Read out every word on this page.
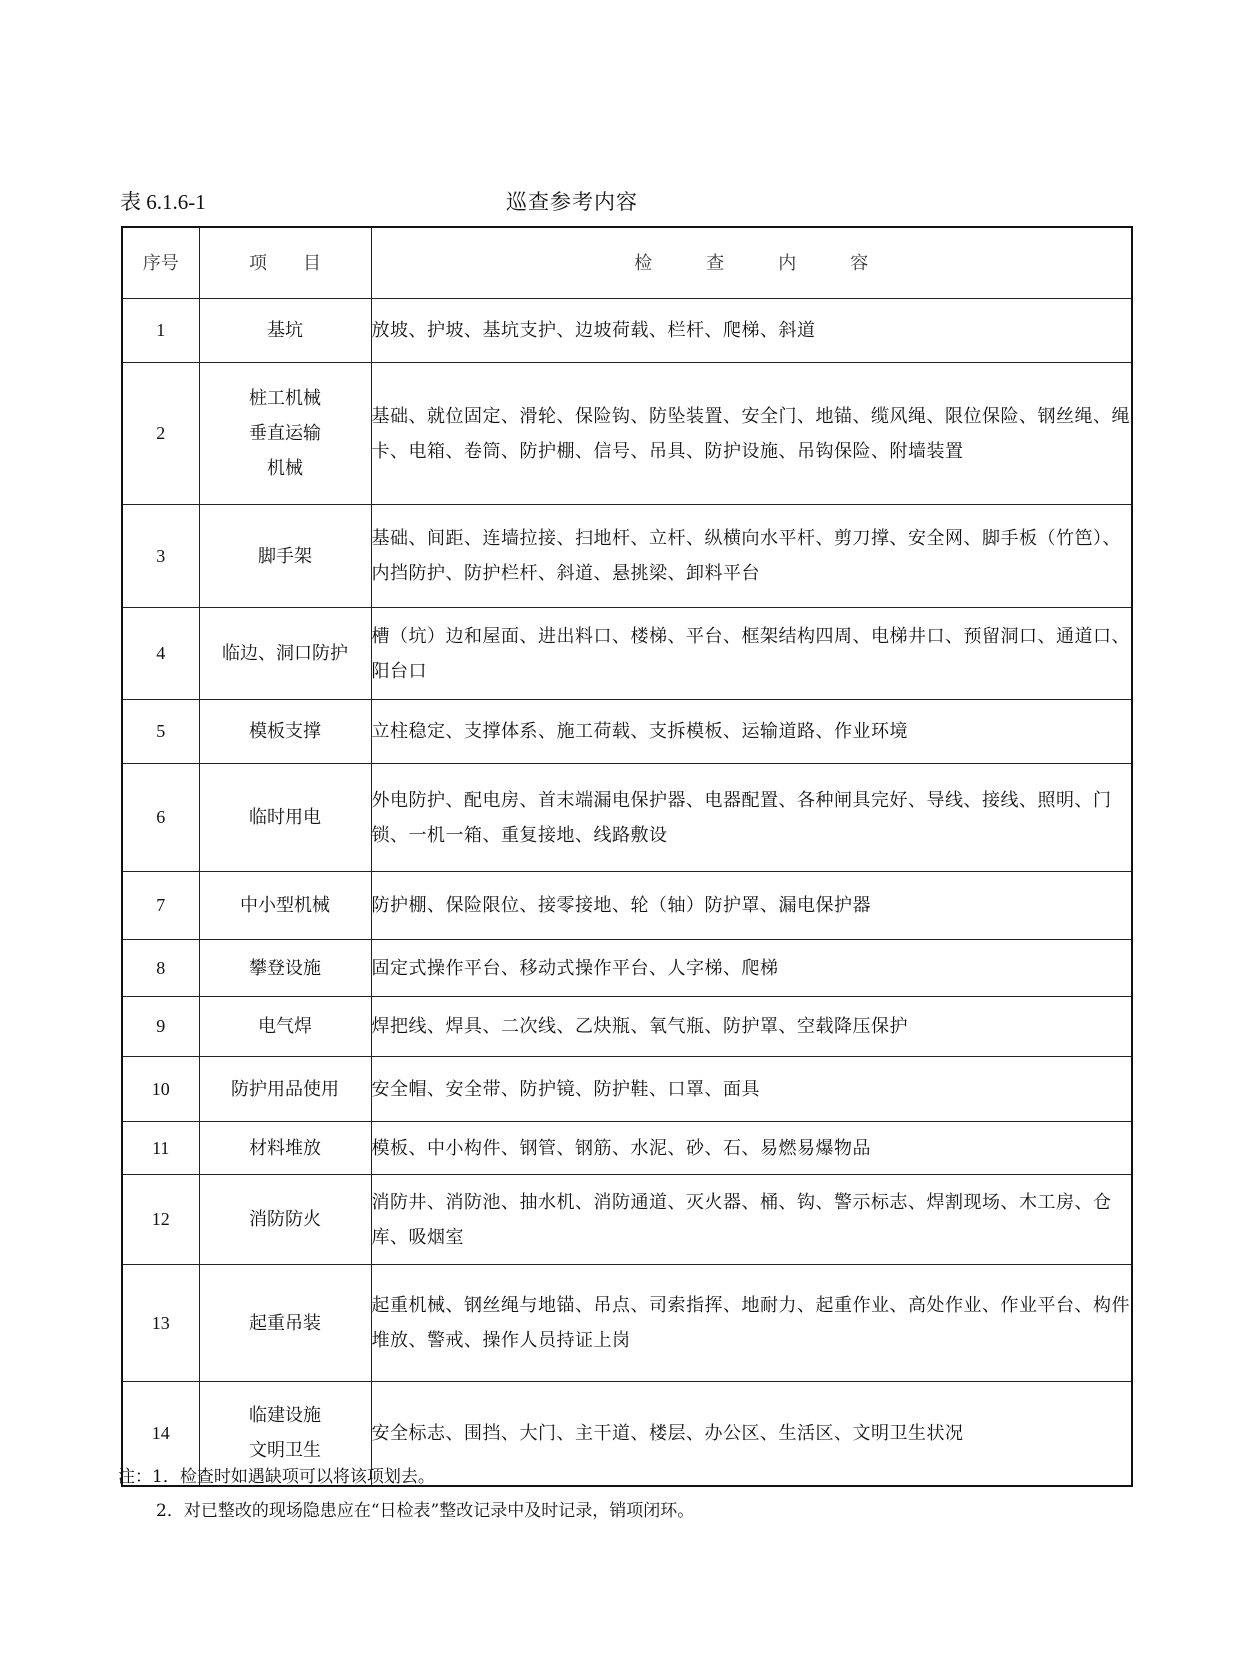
表 6.1.6-1	巡查参考内容
序号	项　　目	检　　　查　　　内　　　容
1	基坑	放坡、护坡、基坑支护、边坡荷载、栏杆、爬梯、斜道
2	桩工机械
垂直运输
机械	基础、就位固定、滑轮、保险钩、防坠装置、安全门、地锚、缆风绳、限位保险、钢丝绳、绳卡、电箱、卷筒、防护棚、信号、吊具、防护设施、吊钩保险、附墙装置
3	脚手架	基础、间距、连墙拉接、扫地杆、立杆、纵横向水平杆、剪刀撑、安全网、脚手板（竹笆）、内挡防护、防护栏杆、斜道、悬挑梁、卸料平台
4	临边、洞口防护	槽（坑）边和屋面、进出料口、楼梯、平台、框架结构四周、电梯井口、预留洞口、通道口、阳台口
5	模板支撑	立柱稳定、支撑体系、施工荷载、支拆模板、运输道路、作业环境
6	临时用电	外电防护、配电房、首末端漏电保护器、电器配置、各种闸具完好、导线、接线、照明、门锁、一机一箱、重复接地、线路敷设
7	中小型机械	防护棚、保险限位、接零接地、轮（轴）防护罩、漏电保护器
8	攀登设施	固定式操作平台、移动式操作平台、人字梯、爬梯
9	电气焊	焊把线、焊具、二次线、乙炔瓶、氧气瓶、防护罩、空载降压保护
10	防护用品使用	安全帽、安全带、防护镜、防护鞋、口罩、面具
11	材料堆放	模板、中小构件、钢管、钢筋、水泥、砂、石、易燃易爆物品
12	消防防火	消防井、消防池、抽水机、消防通道、灭火器、桶、钩、警示标志、焊割现场、木工房、仓库、吸烟室
13	起重吊装	起重机械、钢丝绳与地锚、吊点、司索指挥、地耐力、起重作业、高处作业、作业平台、构件堆放、警戒、操作人员持证上岗
14	临建设施
文明卫生	安全标志、围挡、大门、主干道、楼层、办公区、生活区、文明卫生状况
注：1．检查时如遇缺项可以将该项划去。
2．对已整改的现场隐患应在“日检表”整改记录中及时记录，销项闭环。
